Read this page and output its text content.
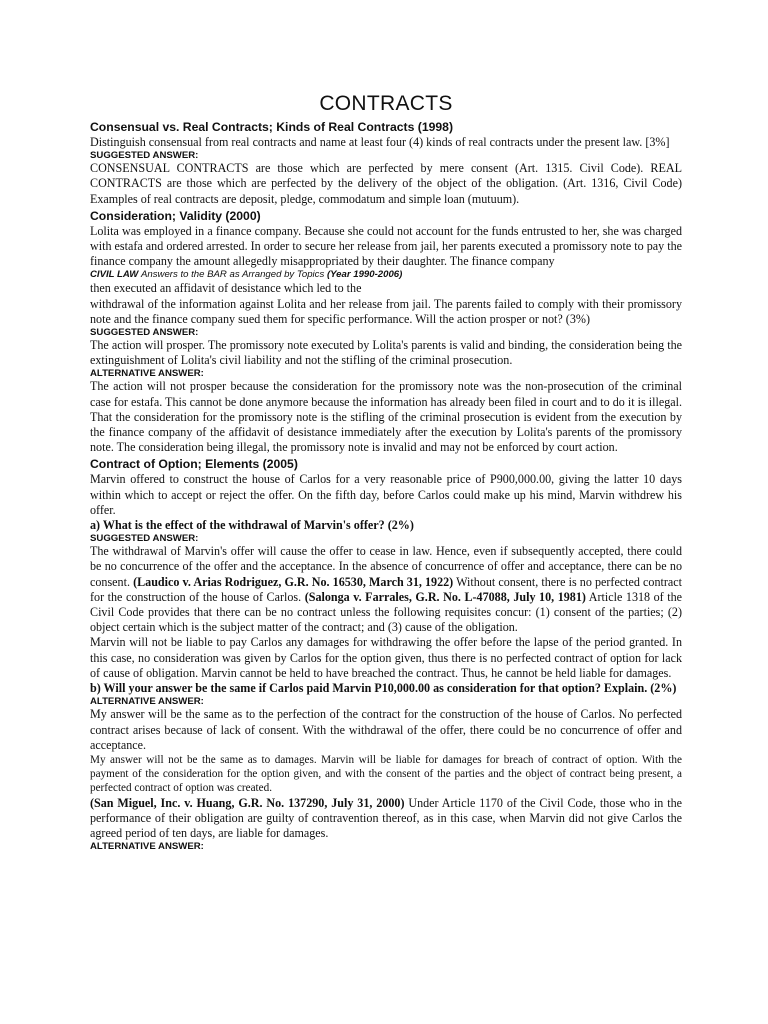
CONTRACTS
Consensual vs. Real Contracts; Kinds of Real Contracts (1998)

Distinguish consensual from real contracts and name at least four (4) kinds of real contracts under the present law. [3%]

SUGGESTED ANSWER:

CONSENSUAL CONTRACTS are those which are perfected by mere consent (Art. 1315. Civil Code). REAL CONTRACTS are those which are perfected by the delivery of the object of the obligation. (Art. 1316, Civil Code) Examples of real contracts are deposit, pledge, commodatum and simple loan (mutuum).

Consideration; Validity (2000)

Lolita was employed in a finance company. Because she could not account for the funds entrusted to her, she was charged with estafa and ordered arrested. In order to secure her release from jail, her parents executed a promissory note to pay the finance company the amount allegedly misappropriated by their daughter. The finance company

CIVIL LAW Answers to the BAR as Arranged by Topics (Year 1990-2006)

then executed an affidavit of desistance which led to the

withdrawal of the information against Lolita and her release from jail. The parents failed to comply with their promissory note and the finance company sued them for specific performance. Will the action prosper or not? (3%)

SUGGESTED ANSWER:

The action will prosper. The promissory note executed by Lolita's parents is valid and binding, the consideration being the extinguishment of Lolita's civil liability and not the stifling of the criminal prosecution.

ALTERNATIVE ANSWER:

The action will not prosper because the consideration for the promissory note was the non-prosecution of the criminal case for estafa. This cannot be done anymore because the information has already been filed in court and to do it is illegal. That the consideration for the promissory note is the stifling of the criminal prosecution is evident from the execution by the finance company of the affidavit of desistance immediately after the execution by Lolita's parents of the promissory note. The consideration being illegal, the promissory note is invalid and may not be enforced by court action.

Contract of Option; Elements (2005)

Marvin offered to construct the house of Carlos for a very reasonable price of P900,000.00, giving the latter 10 days within which to accept or reject the offer. On the fifth day, before Carlos could make up his mind, Marvin withdrew his offer.

a) What is the effect of the withdrawal of Marvin's offer? (2%)

SUGGESTED ANSWER:

The withdrawal of Marvin's offer will cause the offer to cease in law. Hence, even if subsequently accepted, there could be no concurrence of the offer and the acceptance. In the absence of concurrence of offer and acceptance, there can be no consent. (Laudico v. Arias Rodriguez, G.R. No. 16530, March 31, 1922) Without consent, there is no perfected contract for the construction of the house of Carlos. (Salonga v. Farrales, G.R. No. L-47088, July 10, 1981) Article 1318 of the Civil Code provides that there can be no contract unless the following requisites concur: (1) consent of the parties; (2) object certain which is the subject matter of the contract; and (3) cause of the obligation.

Marvin will not be liable to pay Carlos any damages for withdrawing the offer before the lapse of the period granted. In this case, no consideration was given by Carlos for the option given, thus there is no perfected contract of option for lack of cause of obligation. Marvin cannot be held to have breached the contract. Thus, he cannot be held liable for damages.

b) Will your answer be the same if Carlos paid Marvin P10,000.00 as consideration for that option? Explain. (2%)

ALTERNATIVE ANSWER:

My answer will be the same as to the perfection of the contract for the construction of the house of Carlos. No perfected contract arises because of lack of consent. With the withdrawal of the offer, there could be no concurrence of offer and acceptance.

My answer will not be the same as to damages. Marvin will be liable for damages for breach of contract of option. With the payment of the consideration for the option given, and with the consent of the parties and the object of contract being present, a perfected contract of option was created.

(San Miguel, Inc. v. Huang, G.R. No. 137290, July 31, 2000) Under Article 1170 of the Civil Code, those who in the performance of their obligation are guilty of contravention thereof, as in this case, when Marvin did not give Carlos the agreed period of ten days, are liable for damages.

ALTERNATIVE ANSWER:
